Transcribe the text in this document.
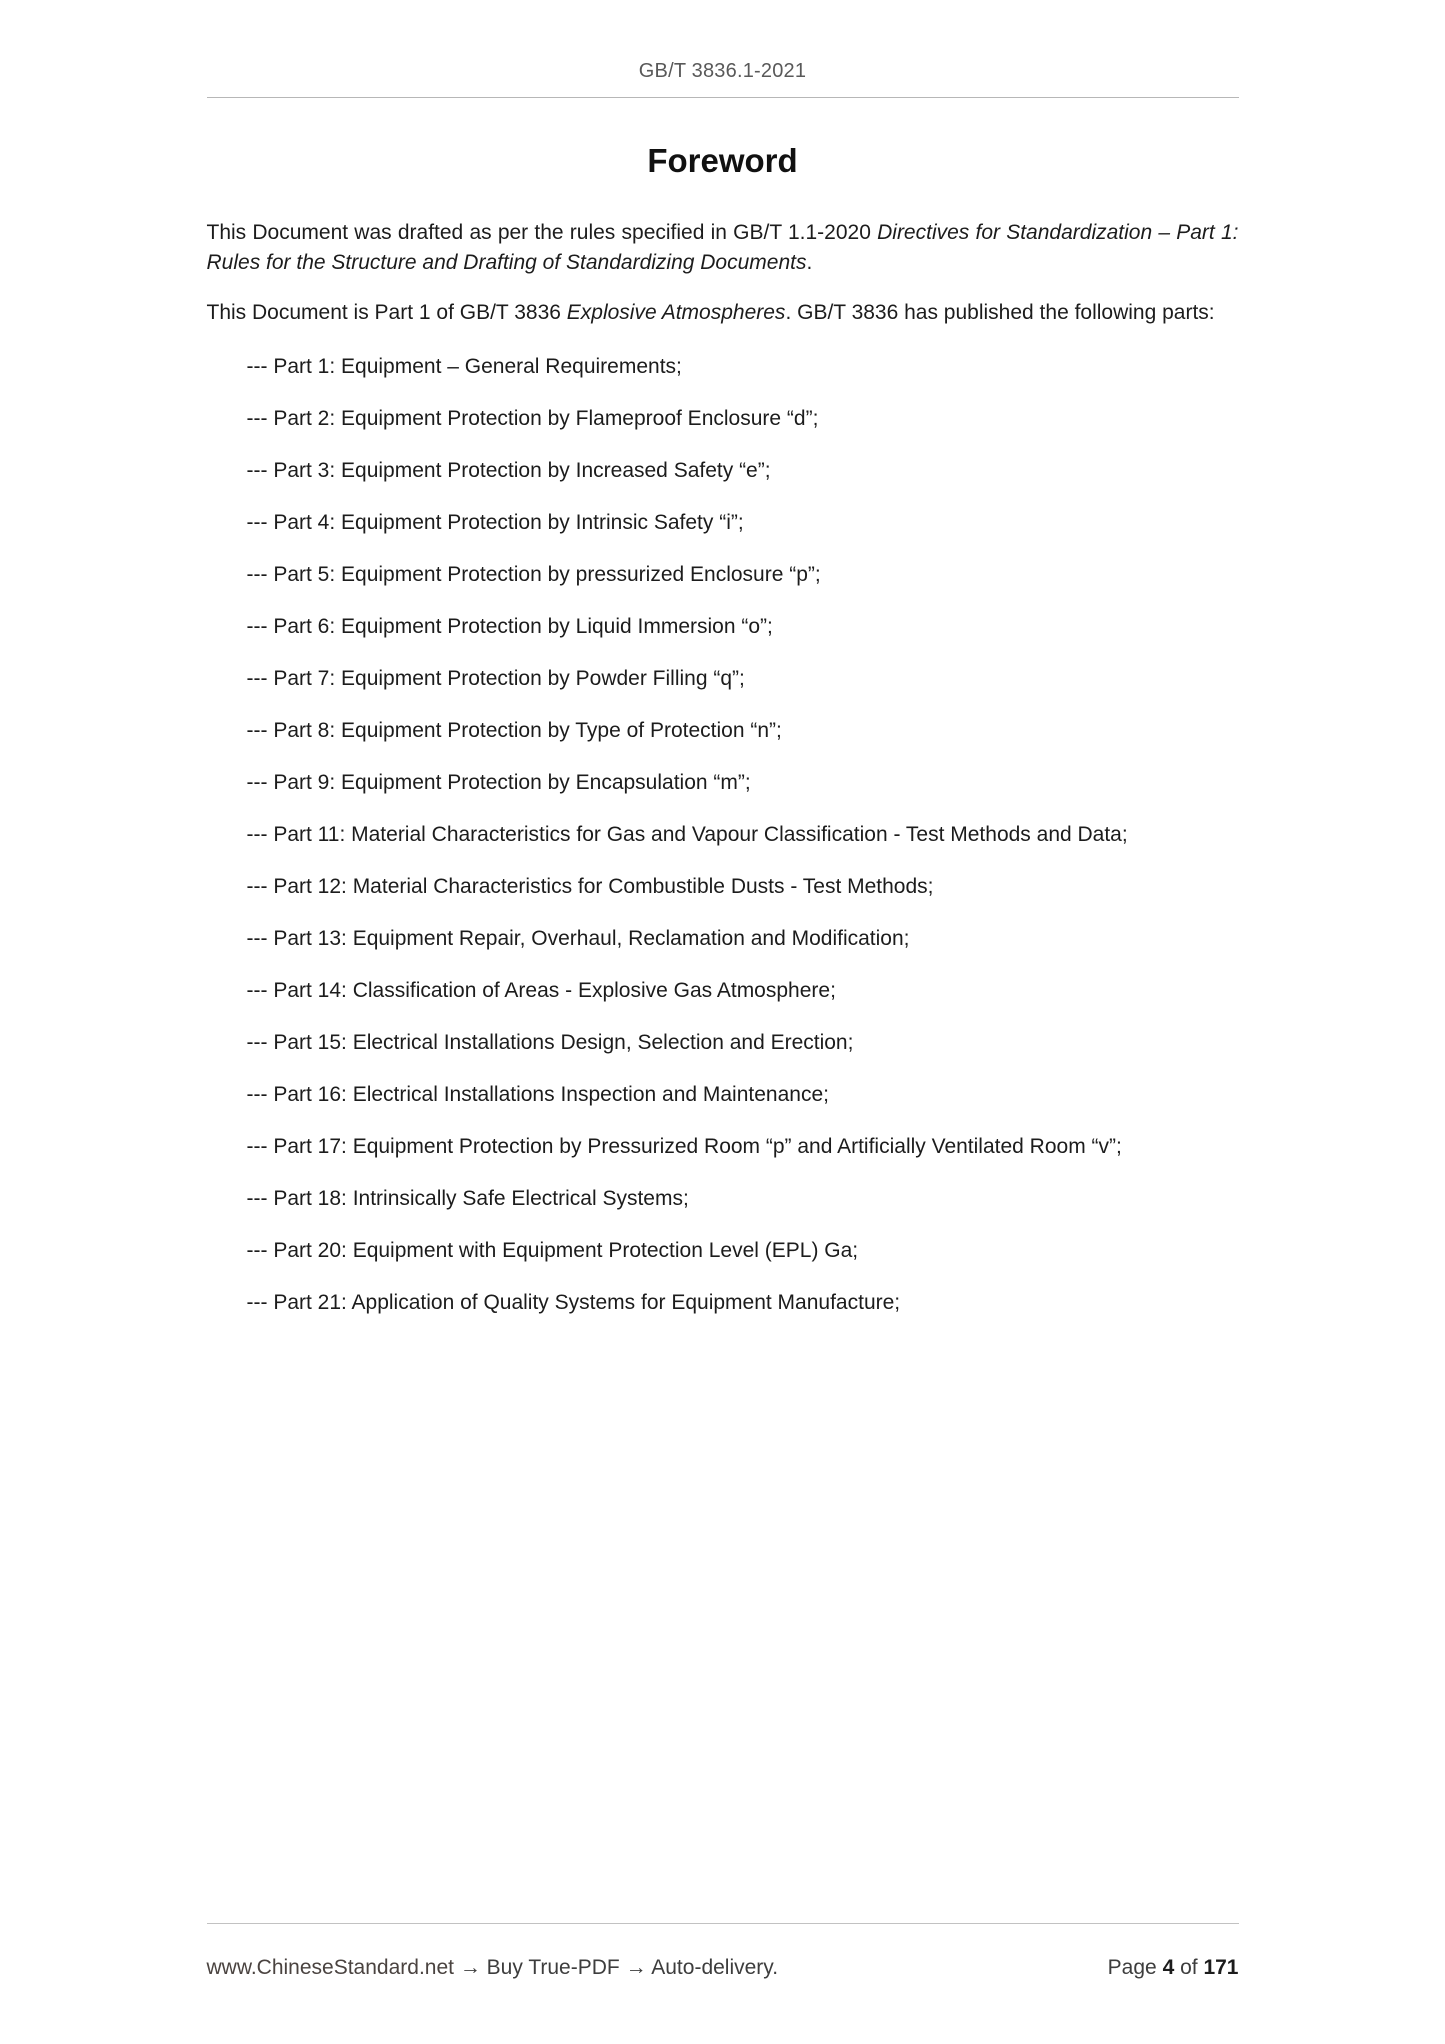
GB/T 3836.1-2021
Foreword

This Document was drafted as per the rules specified in GB/T 1.1-2020 Directives for Standardization – Part 1: Rules for the Structure and Drafting of Standardizing Documents.

This Document is Part 1 of GB/T 3836 Explosive Atmospheres. GB/T 3836 has published the following parts:

--- Part 1: Equipment – General Requirements;
--- Part 2: Equipment Protection by Flameproof Enclosure “d”;
--- Part 3: Equipment Protection by Increased Safety “e”;
--- Part 4: Equipment Protection by Intrinsic Safety “i”;
--- Part 5: Equipment Protection by pressurized Enclosure “p”;
--- Part 6: Equipment Protection by Liquid Immersion “o”;
--- Part 7: Equipment Protection by Powder Filling “q”;
--- Part 8: Equipment Protection by Type of Protection “n”;
--- Part 9: Equipment Protection by Encapsulation “m”;
--- Part 11: Material Characteristics for Gas and Vapour Classification - Test Methods and Data;
--- Part 12: Material Characteristics for Combustible Dusts - Test Methods;
--- Part 13: Equipment Repair, Overhaul, Reclamation and Modification;
--- Part 14: Classification of Areas - Explosive Gas Atmosphere;
--- Part 15: Electrical Installations Design, Selection and Erection;
--- Part 16: Electrical Installations Inspection and Maintenance;
--- Part 17: Equipment Protection by Pressurized Room “p” and Artificially Ventilated Room “v”;
--- Part 18: Intrinsically Safe Electrical Systems;
--- Part 20: Equipment with Equipment Protection Level (EPL) Ga;
--- Part 21: Application of Quality Systems for Equipment Manufacture;
www.ChineseStandard.net → Buy True-PDF → Auto-delivery.	Page 4 of 171
